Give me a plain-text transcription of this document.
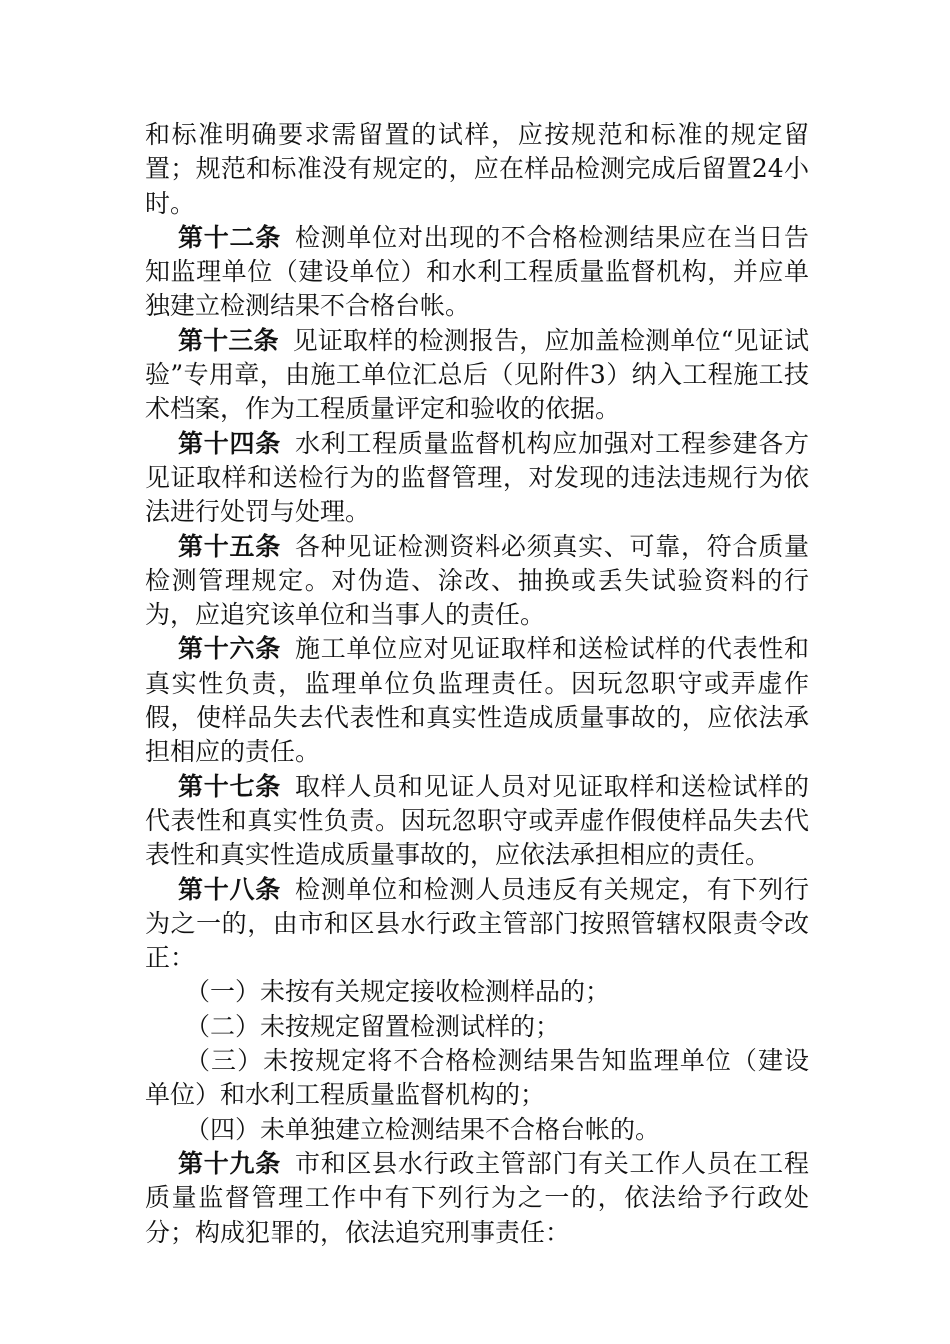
和标准明确要求需留置的试样，应按规范和标准的规定留置；规范和标准没有规定的，应在样品检测完成后留置24小时。

第十二条 检测单位对出现的不合格检测结果应在当日告知监理单位（建设单位）和水利工程质量监督机构，并应单独建立检测结果不合格台帐。

第十三条 见证取样的检测报告，应加盖检测单位“见证试验”专用章，由施工单位汇总后（见附件3）纳入工程施工技术档案，作为工程质量评定和验收的依据。

第十四条 水利工程质量监督机构应加强对工程参建各方见证取样和送检行为的监督管理，对发现的违法违规行为依法进行处罚与处理。

第十五条 各种见证检测资料必须真实、可靠，符合质量检测管理规定。对伪造、涂改、抽换或丢失试验资料的行为，应追究该单位和当事人的责任。

第十六条 施工单位应对见证取样和送检试样的代表性和真实性负责，监理单位负监理责任。因玩忽职守或弄虚作假，使样品失去代表性和真实性造成质量事故的，应依法承担相应的责任。

第十七条 取样人员和见证人员对见证取样和送检试样的代表性和真实性负责。因玩忽职守或弄虚作假使样品失去代表性和真实性造成质量事故的，应依法承担相应的责任。

第十八条 检测单位和检测人员违反有关规定，有下列行为之一的，由市和区县水行政主管部门按照管辖权限责令改正：

（一）未按有关规定接收检测样品的；

（二）未按规定留置检测试样的；

（三）未按规定将不合格检测结果告知监理单位（建设单位）和水利工程质量监督机构的；

（四）未单独建立检测结果不合格台帐的。

第十九条 市和区县水行政主管部门有关工作人员在工程质量监督管理工作中有下列行为之一的，依法给予行政处分；构成犯罪的，依法追究刑事责任：
